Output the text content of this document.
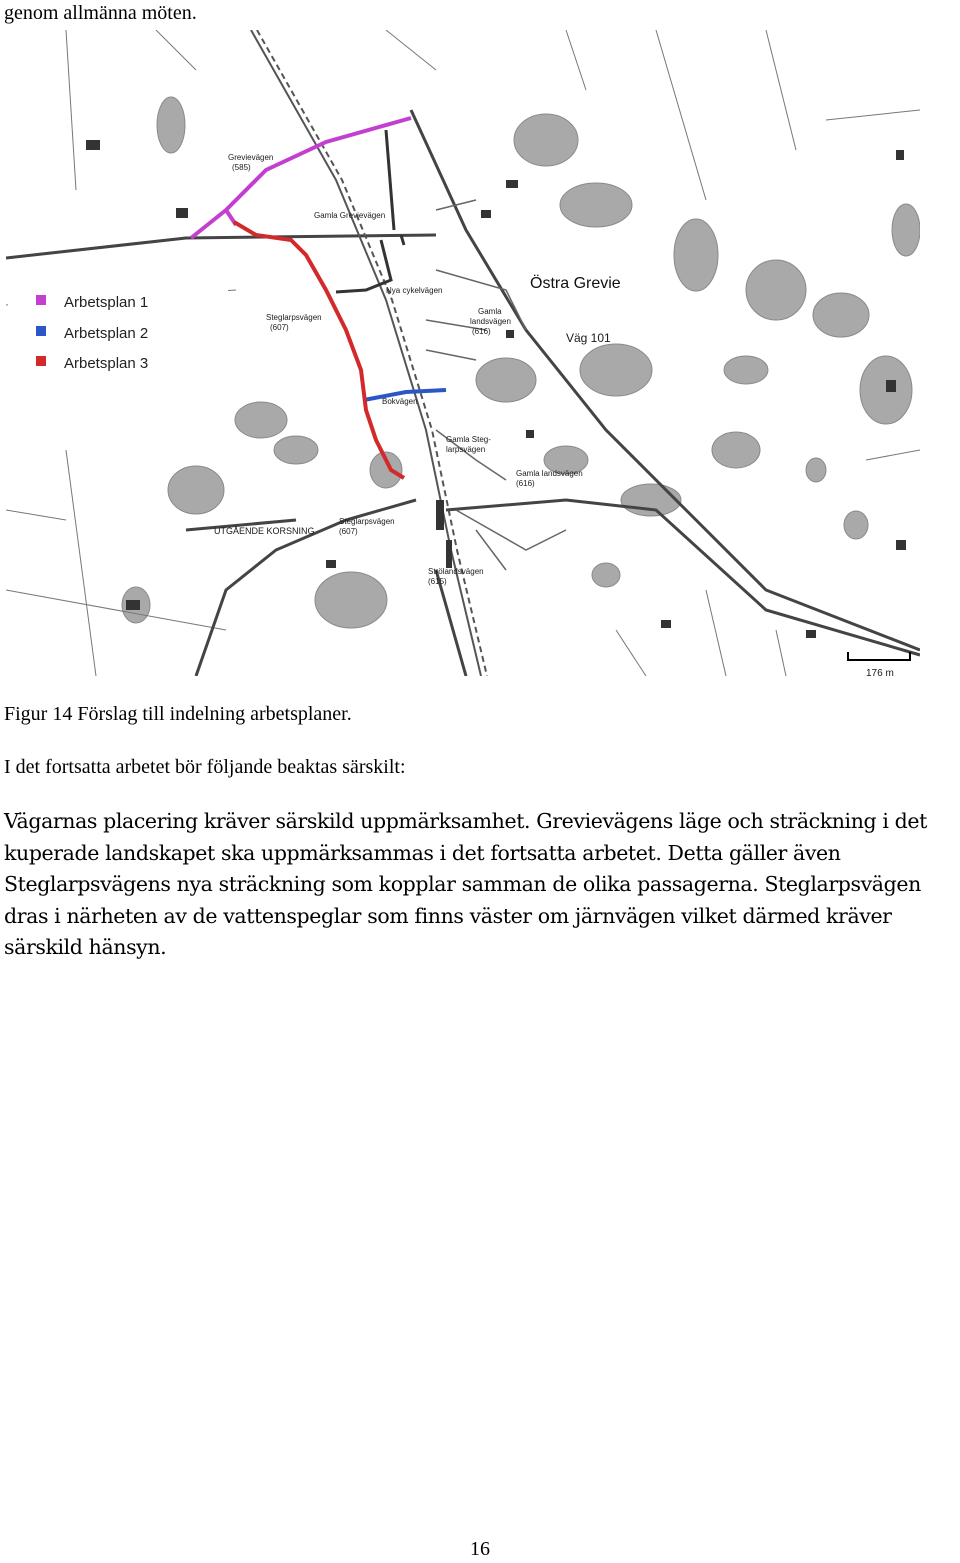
genom allmänna möten.
Arbetsplan 1
Arbetsplan 2
Arbetsplan 3
Grevievägen
(585)
Gamla Grevievägen
Nya cykelvägen	Östra Grevie
Gamla
landsvägen
(616)	Väg 101
Steglarpsvägen
(607)
Bokvägen
Gamla Steg-
larpsvägen
Gamla landsvägen
(616)
UTGÅENDE KORSNING
Steglarpsvägen
(607)
Strölandsvägen
(615)
176 m
Figur 14 Förslag till indelning arbetsplaner.
I det fortsatta arbetet bör följande beaktas särskilt:
Vägarnas placering kräver särskild uppmärksamhet. Grevievägens läge och sträckning i det kuperade landskapet ska uppmärksammas i det fortsatta arbetet. Detta gäller även Steglarpsvägens nya sträckning som kopplar samman de olika passagerna. Steglarpsvägen dras i närheten av de vattenspeglar som finns väster om järnvägen vilket därmed kräver särskild hänsyn.
16
